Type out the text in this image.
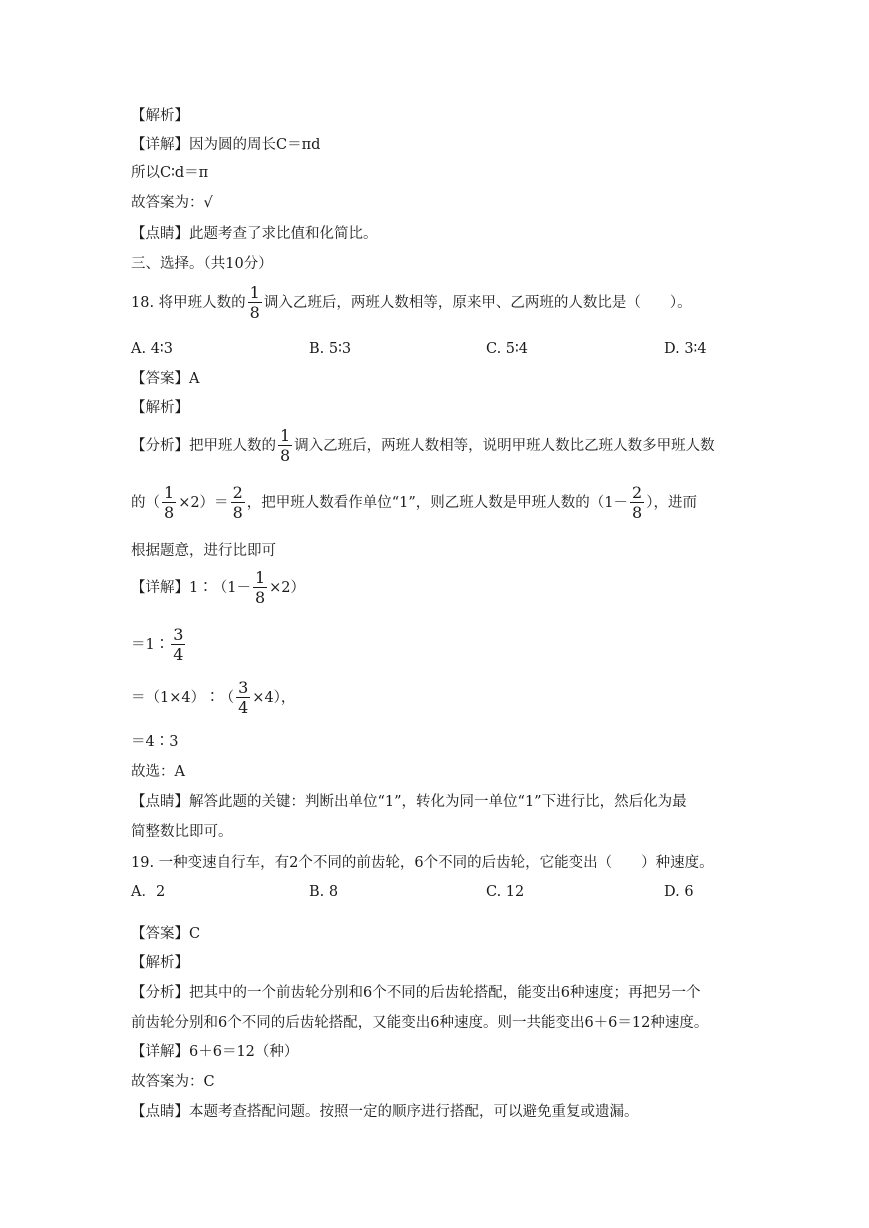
【解析】
【详解】因为圆的周长C＝πd
所以C∶d＝π
故答案为：√
【点睛】此题考查了求比值和化简比。
三、选择。（共10分）
18. 将甲班人数的 $\frac{1}{8}$ 调入乙班后，两班人数相等，原来甲、乙两班的人数比是（　　）。
A. 4∶3	B. 5∶3	C. 5∶4	D. 3∶4
【答案】A
【解析】
【分析】把甲班人数的 $\frac{1}{8}$ 调入乙班后，两班人数相等，说明甲班人数比乙班人数多甲班人数
的（ $\frac{1}{8} \times 2)= \frac{2}{8}$ ，把甲班人数看作单位“1”，则乙班人数是甲班人数的（$1- \frac{2}{8}$ ），进而
根据题意，进行比即可
【详解】1∶（1－ $\frac{1}{8} \times 2$）
＝1∶ $\frac{3}{4}$
＝（1×4）∶（ $\frac{3}{4} \times 4$），
＝4∶3
故选：A
【点睛】解答此题的关键：判断出单位“1”，转化为同一单位“1”下进行比，然后化为最
简整数比即可。
19. 一种变速自行车，有2个不同的前齿轮，6个不同的后齿轮，它能变出（　　）种速度。
A．2	B. 8	C. 12	D. 6
【答案】C
【解析】
【分析】把其中的一个前齿轮分别和6个不同的后齿轮搭配，能变出6种速度；再把另一个
前齿轮分别和6个不同的后齿轮搭配，又能变出6种速度。则一共能变出6＋6＝12种速度。
【详解】6＋6＝12（种）
故答案为：C
【点睛】本题考查搭配问题。按照一定的顺序进行搭配，可以避免重复或遗漏。
